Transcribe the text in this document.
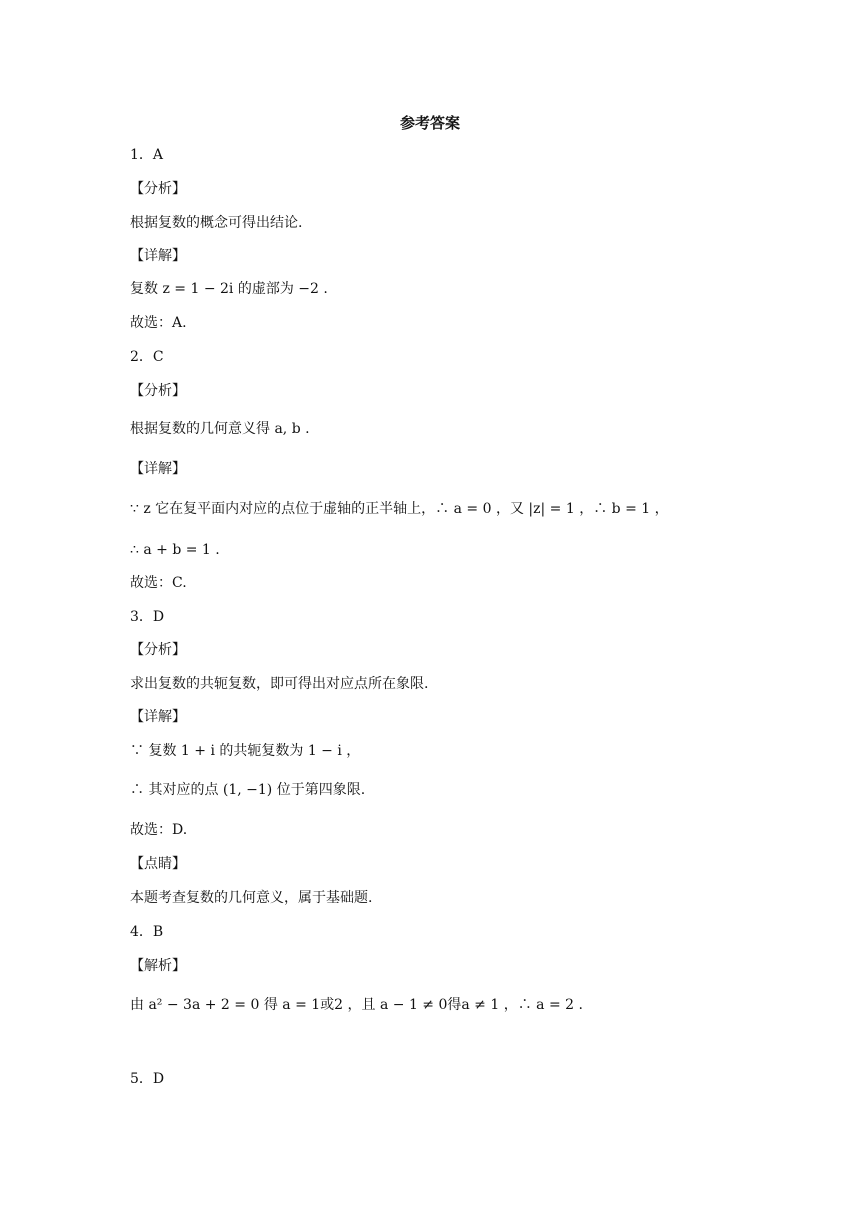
参考答案
1．A
【分析】
根据复数的概念可得出结论.
【详解】
复数 z = 1 − 2i 的虚部为 −2 .
故选：A.
2．C
【分析】
根据复数的几何意义得 a, b .
【详解】
∵ z 它在复平面内对应的点位于虚轴的正半轴上，∴ a = 0 ，又 |z| = 1 ，∴ b = 1 ，
∴ a + b = 1 .
故选：C.
3．D
【分析】
求出复数的共轭复数，即可得出对应点所在象限.
【详解】
∵ 复数 1 + i 的共轭复数为 1 − i ，
∴ 其对应的点 (1, −1) 位于第四象限.
故选：D.
【点睛】
本题考查复数的几何意义，属于基础题.
4．B
【解析】
由 a² − 3a + 2 = 0 得 a = 1或2 ，且 a − 1 ≠ 0得a ≠ 1 ，∴ a = 2 .
5．D
